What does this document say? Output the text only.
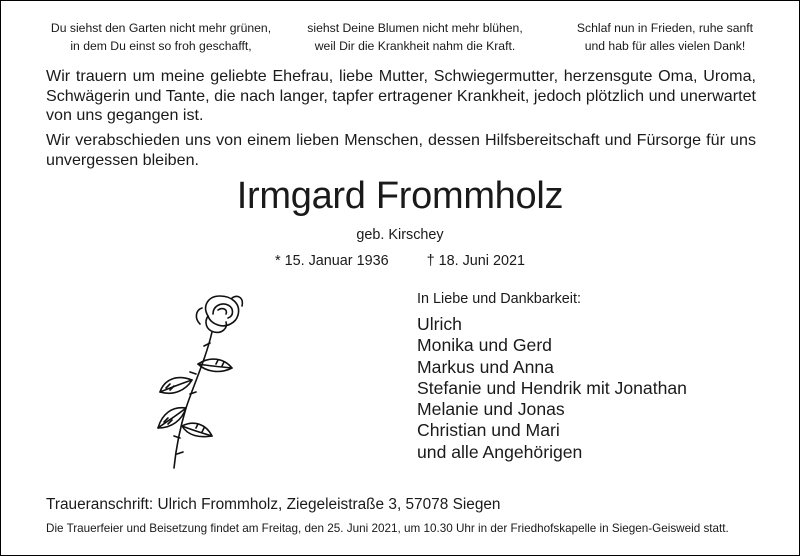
Du siehst den Garten nicht mehr grünen,
in dem Du einst so froh geschafft,
siehst Deine Blumen nicht mehr blühen,
weil Dir die Krankheit nahm die Kraft.
Schlaf nun in Frieden, ruhe sanft
und hab für alles vielen Dank!
Wir trauern um meine geliebte Ehefrau, liebe Mutter, Schwiegermutter, herzensgute Oma, Uroma,
Schwägerin und Tante, die nach langer, tapfer ertragener Krankheit, jedoch plötzlich und unerwartet
von uns gegangen ist.
Wir verabschieden uns von einem lieben Menschen, dessen Hilfsbereitschaft und Fürsorge für uns
unvergessen bleiben.
Irmgard Frommholz
geb. Kirschey
* 15. Januar 1936	† 18. Juni 2021
In Liebe und Dankbarkeit:
Ulrich
Monika und Gerd
Markus und Anna
Stefanie und Hendrik mit Jonathan
Melanie und Jonas
Christian und Mari
und alle Angehörigen
Traueranschrift: Ulrich Frommholz, Ziegeleistraße 3, 57078 Siegen
Die Trauerfeier und Beisetzung findet am Freitag, den 25. Juni 2021, um 10.30 Uhr in der Friedhofskapelle in Siegen-Geisweid statt.
